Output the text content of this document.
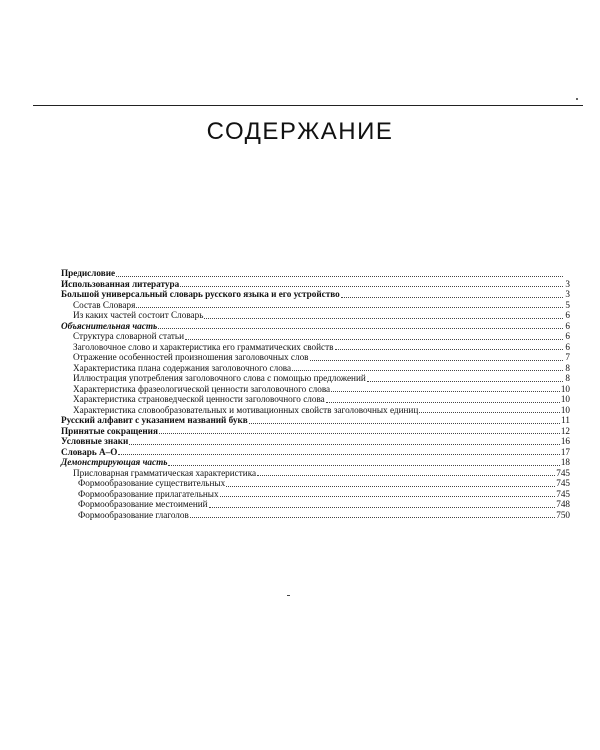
СОДЕРЖАНИЕ
Предисловие
Использованная литература	3
Большой универсальный словарь русского языка и его устройство	3
Состав Словаря	5
Из каких частей состоит Словарь	6
Объяснительная часть	6
Структура словарной статьи	6
Заголовочное слово и характеристика его грамматических свойств	6
Отражение особенностей произношения заголовочных слов	7
Характеристика плана содержания заголовочного слова	8
Иллюстрация употребления заголовочного слова с помощью предложений	8
Характеристика фразеологической ценности заголовочного слова	10
Характеристика страноведческой ценности заголовочного слова	10
Характеристика словообразовательных и мотивационных свойств заголовочных единиц	10
Русский алфавит с указанием названий букв	11
Принятые сокращения	12
Условные знаки	16
Словарь А–О	17
Демонстрирующая часть	18
Присловарная грамматическая характеристика	745
Формообразование существительных	745
Формообразование прилагательных	745
Формообразование местоимений	748
Формообразование глаголов	750
